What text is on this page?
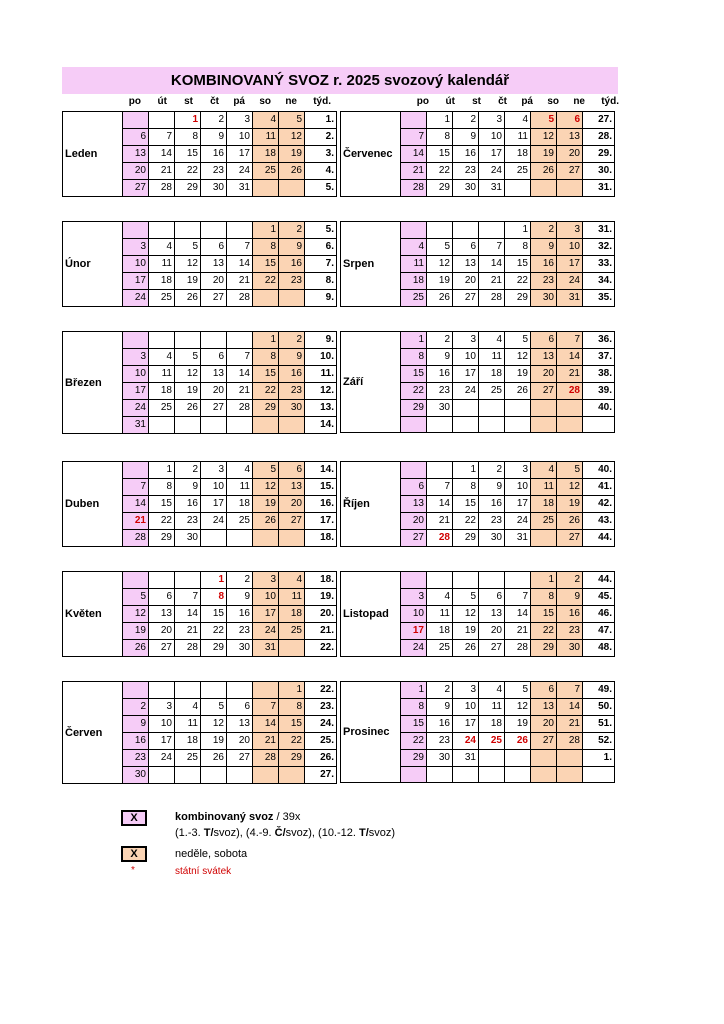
KOMBINOVANÝ SVOZ r. 2025 svozový kalendář
po	út	st	čt	pá	so	ne	týd.	po	út	st	čt	pá	so	ne	týd.
Leden			1	2	3	4	5	1.
	6	7	8	9	10	11	12	2.
	13	14	15	16	17	18	19	3.
	20	21	22	23	24	25	26	4.
	27	28	29	30	31			5.
Červenec		1	2	3	4	5	6	27.
	7	8	9	10	11	12	13	28.
	14	15	16	17	18	19	20	29.
	21	22	23	24	25	26	27	30.
	28	29	30	31				31.
Únor						1	2	5.
	3	4	5	6	7	8	9	6.
	10	11	12	13	14	15	16	7.
	17	18	19	20	21	22	23	8.
	24	25	26	27	28			9.
Srpen					1	2	3	31.
	4	5	6	7	8	9	10	32.
	11	12	13	14	15	16	17	33.
	18	19	20	21	22	23	24	34.
	25	26	27	28	29	30	31	35.
Březen						1	2	9.
	3	4	5	6	7	8	9	10.
	10	11	12	13	14	15	16	11.
	17	18	19	20	21	22	23	12.
	24	25	26	27	28	29	30	13.
	31							14.
Září	1	2	3	4	5	6	7	36.
	8	9	10	11	12	13	14	37.
	15	16	17	18	19	20	21	38.
	22	23	24	25	26	27	28	39.
	29	30						40.

Duben		1	2	3	4	5	6	14.
	7	8	9	10	11	12	13	15.
	14	15	16	17	18	19	20	16.
	21	22	23	24	25	26	27	17.
	28	29	30					18.
Říjen			1	2	3	4	5	40.
	6	7	8	9	10	11	12	41.
	13	14	15	16	17	18	19	42.
	20	21	22	23	24	25	26	43.
	27	28	29	30	31		27	44.
Květen				1	2	3	4	18.
	5	6	7	8	9	10	11	19.
	12	13	14	15	16	17	18	20.
	19	20	21	22	23	24	25	21.
	26	27	28	29	30	31		22.
Listopad						1	2	44.
	3	4	5	6	7	8	9	45.
	10	11	12	13	14	15	16	46.
	17	18	19	20	21	22	23	47.
	24	25	26	27	28	29	30	48.
Červen							1	22.
	2	3	4	5	6	7	8	23.
	9	10	11	12	13	14	15	24.
	16	17	18	19	20	21	22	25.
	23	24	25	26	27	28	29	26.
	30							27.
Prosinec	1	2	3	4	5	6	7	49.
	8	9	10	11	12	13	14	50.
	15	16	17	18	19	20	21	51.
	22	23	24	25	26	27	28	52.
	29	30	31					1.

X	kombinovaný svoz / 39x
(1.-3. T/svoz), (4.-9. Č/svoz), (10.-12. T/svoz)
X	neděle, sobota
*	státní svátek
